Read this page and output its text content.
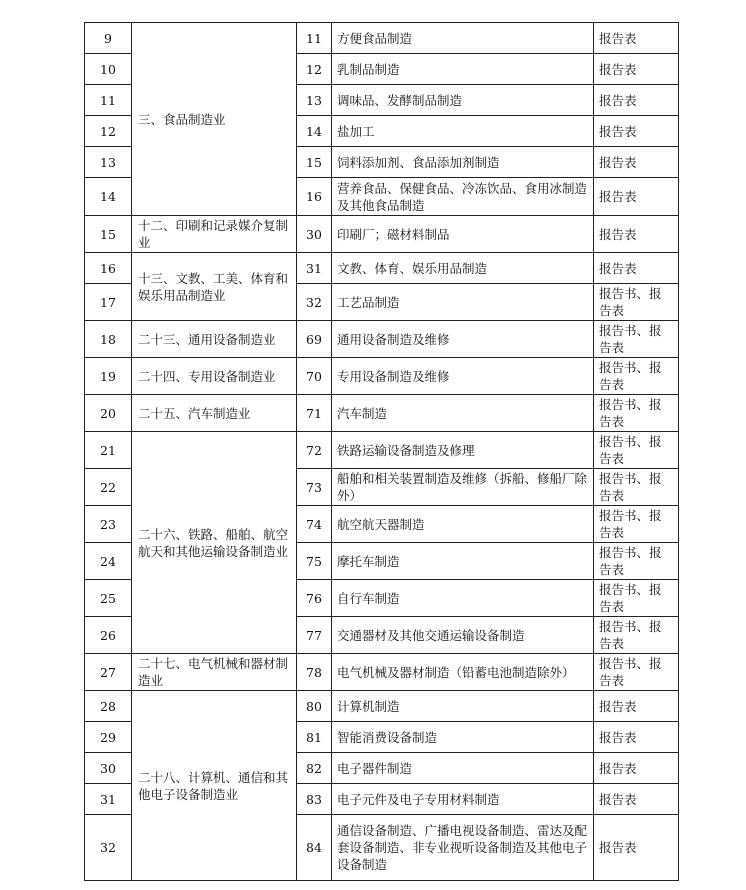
9	三、食品制造业	11	方便食品制造	报告表
10		12	乳制品制造	报告表
11		13	调味品、发酵制品制造	报告表
12		14	盐加工	报告表
13		15	饲料添加剂、食品添加剂制造	报告表
14		16	营养食品、保健食品、冷冻饮品、食用冰制造及其他食品制造	报告表
15	十二、印刷和记录媒介复制业	30	印刷厂；磁材料制品	报告表
16	十三、文教、工美、体育和娱乐用品制造业	31	文教、体育、娱乐用品制造	报告表
17		32	工艺品制造	报告书、报告表
18	二十三、通用设备制造业	69	通用设备制造及维修	报告书、报告表
19	二十四、专用设备制造业	70	专用设备制造及维修	报告书、报告表
20	二十五、汽车制造业	71	汽车制造	报告书、报告表
21	二十六、铁路、船舶、航空航天和其他运输设备制造业	72	铁路运输设备制造及修理	报告书、报告表
22		73	船舶和相关装置制造及维修（拆船、修船厂除外）	报告书、报告表
23		74	航空航天器制造	报告书、报告表
24		75	摩托车制造	报告书、报告表
25		76	自行车制造	报告书、报告表
26		77	交通器材及其他交通运输设备制造	报告书、报告表
27	二十七、电气机械和器材制造业	78	电气机械及器材制造（铅蓄电池制造除外）	报告书、报告表
28	二十八、计算机、通信和其他电子设备制造业	80	计算机制造	报告表
29		81	智能消费设备制造	报告表
30		82	电子器件制造	报告表
31		83	电子元件及电子专用材料制造	报告表
32		84	通信设备制造、广播电视设备制造、雷达及配套设备制造、非专业视听设备制造及其他电子设备制造	报告表
